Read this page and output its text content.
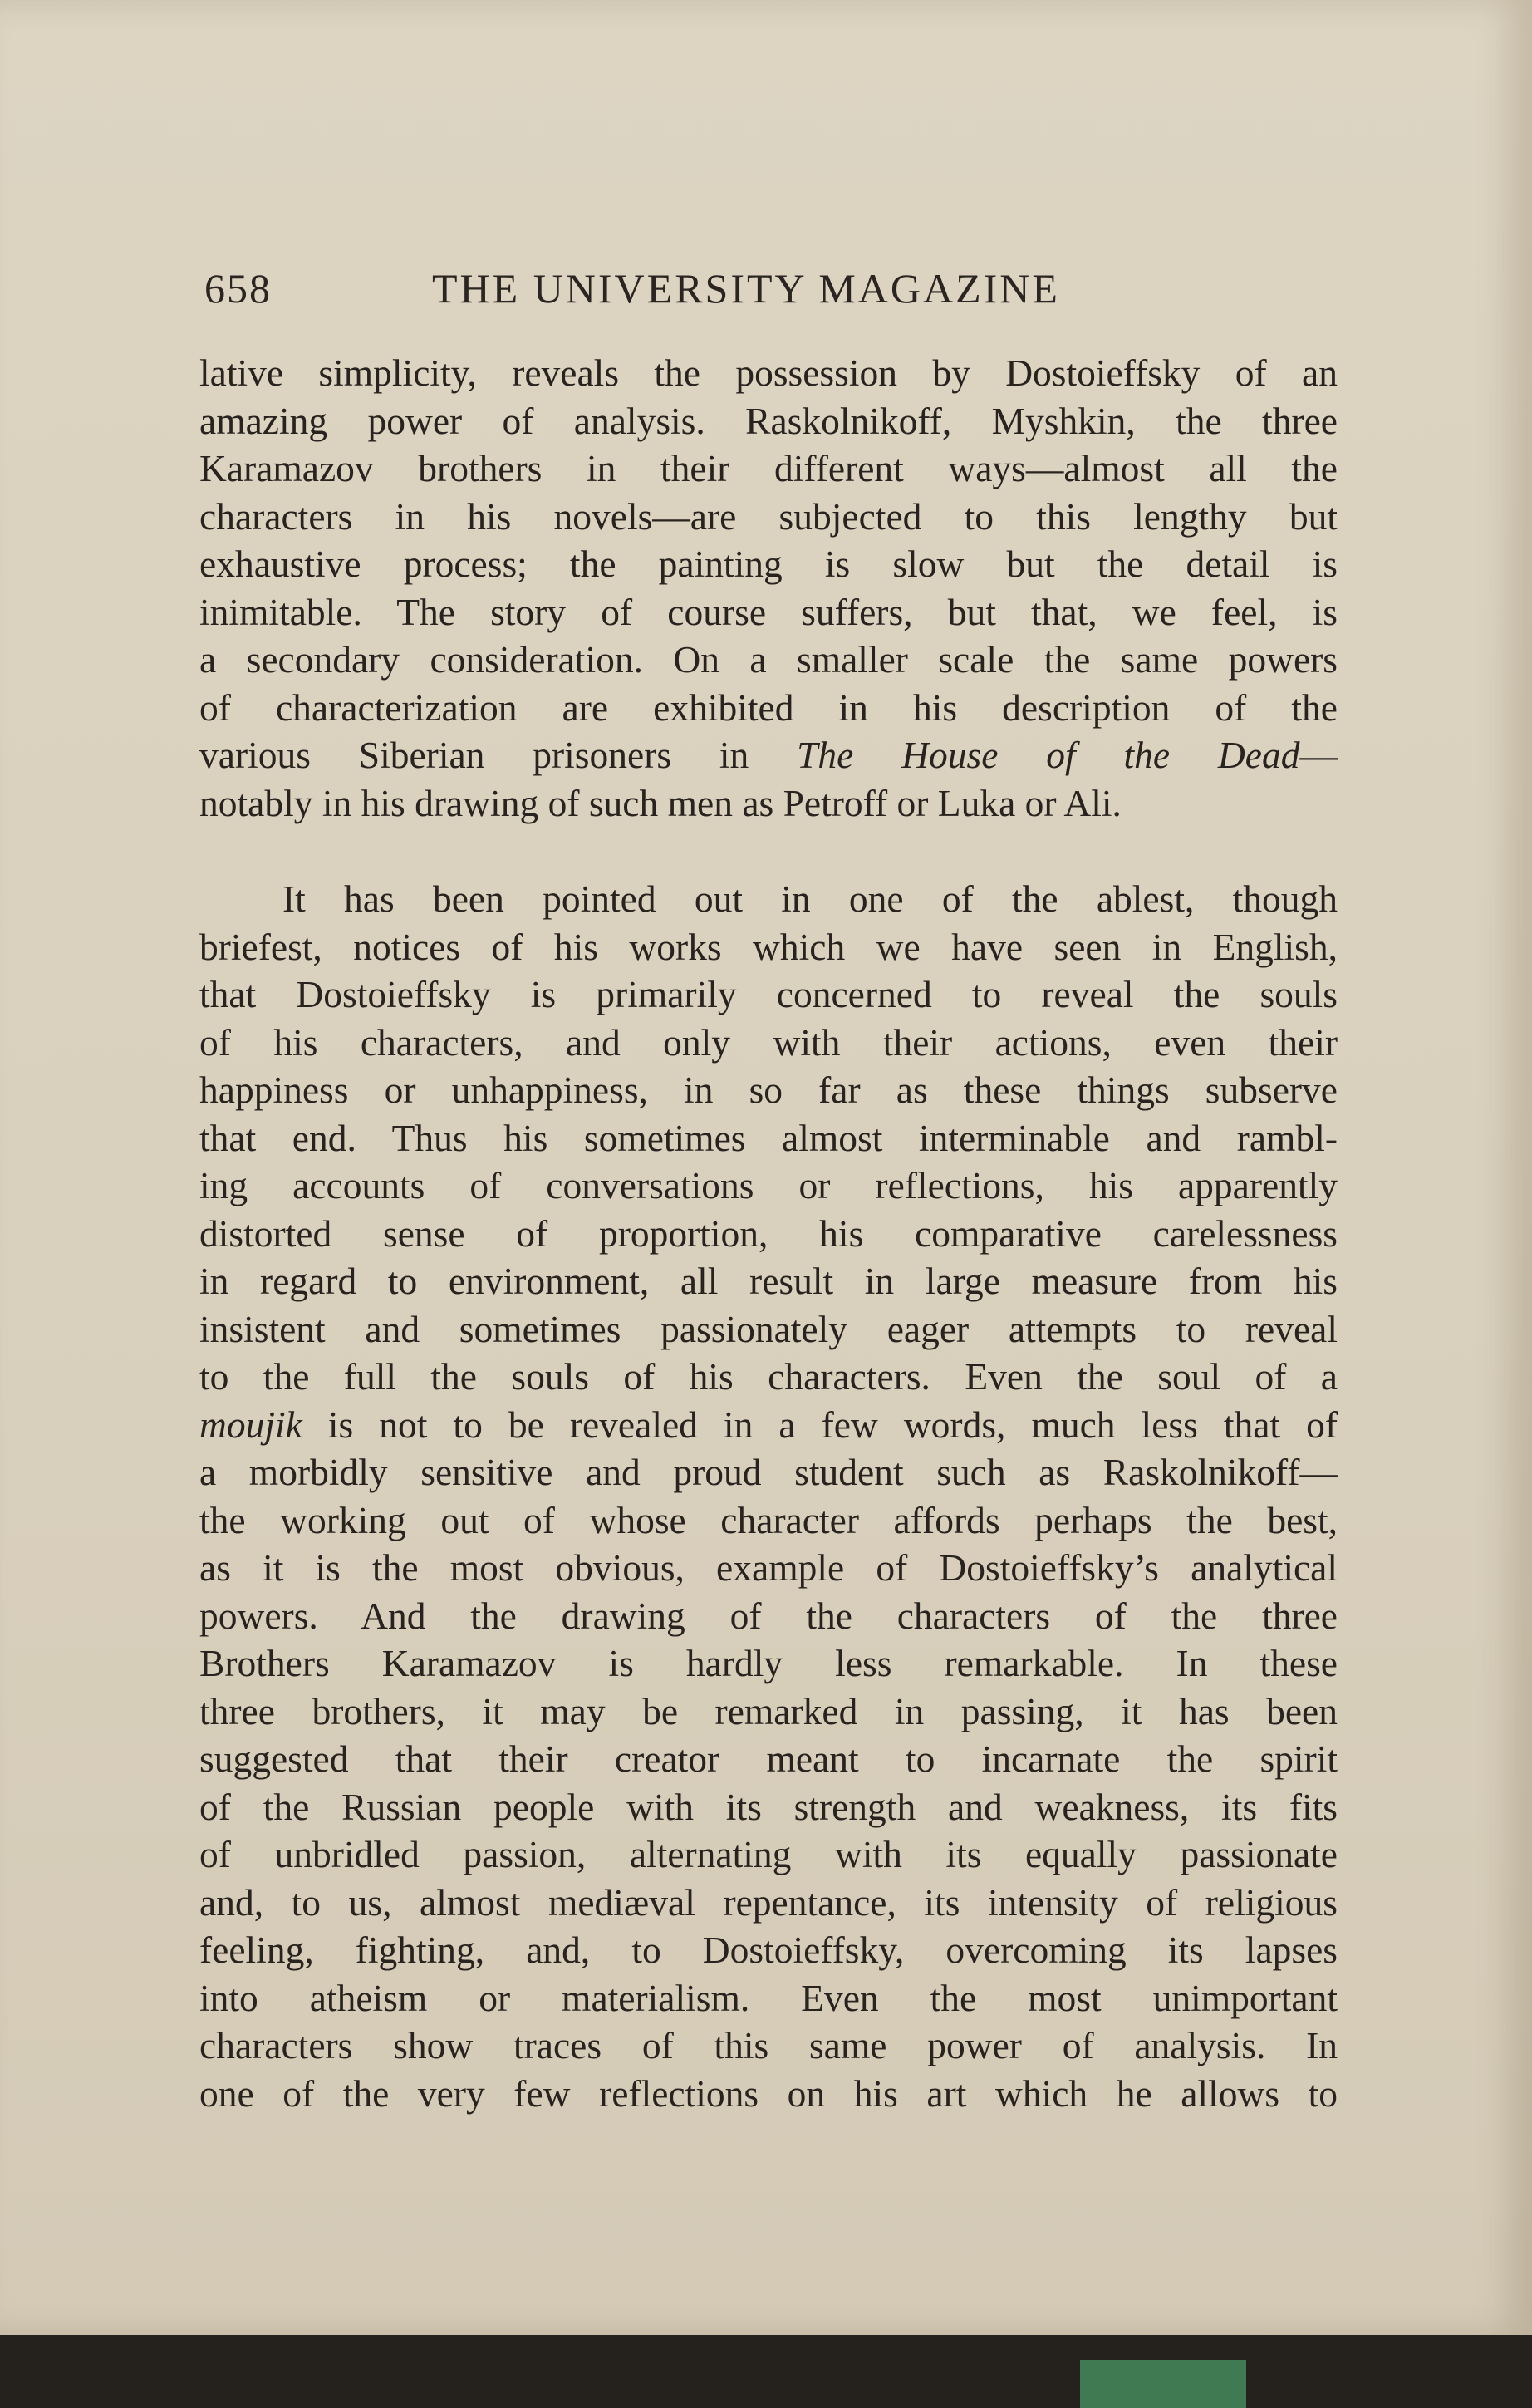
658	THE UNIVERSITY MAGAZINE
lative simplicity, reveals the possession by Dostoieffsky of an
amazing power of analysis. Raskolnikoff, Myshkin, the three
Karamazov brothers in their different ways—almost all the
characters in his novels—are subjected to this lengthy but
exhaustive process; the painting is slow but the detail is
inimitable. The story of course suffers, but that, we feel, is
a secondary consideration. On a smaller scale the same powers
of characterization are exhibited in his description of the
various Siberian prisoners in The House of the Dead—
notably in his drawing of such men as Petroff or Luka or Ali.
It has been pointed out in one of the ablest, though
briefest, notices of his works which we have seen in English,
that Dostoieffsky is primarily concerned to reveal the souls
of his characters, and only with their actions, even their
happiness or unhappiness, in so far as these things subserve
that end. Thus his sometimes almost interminable and rambl-
ing accounts of conversations or reflections, his apparently
distorted sense of proportion, his comparative carelessness
in regard to environment, all result in large measure from his
insistent and sometimes passionately eager attempts to reveal
to the full the souls of his characters. Even the soul of a
moujik is not to be revealed in a few words, much less that of
a morbidly sensitive and proud student such as Raskolnikoff—
the working out of whose character affords perhaps the best,
as it is the most obvious, example of Dostoieffsky’s analytical
powers. And the drawing of the characters of the three
Brothers Karamazov is hardly less remarkable. In these
three brothers, it may be remarked in passing, it has been
suggested that their creator meant to incarnate the spirit
of the Russian people with its strength and weakness, its fits
of unbridled passion, alternating with its equally passionate
and, to us, almost mediæval repentance, its intensity of religious
feeling, fighting, and, to Dostoieffsky, overcoming its lapses
into atheism or materialism. Even the most unimportant
characters show traces of this same power of analysis. In
one of the very few reflections on his art which he allows to
